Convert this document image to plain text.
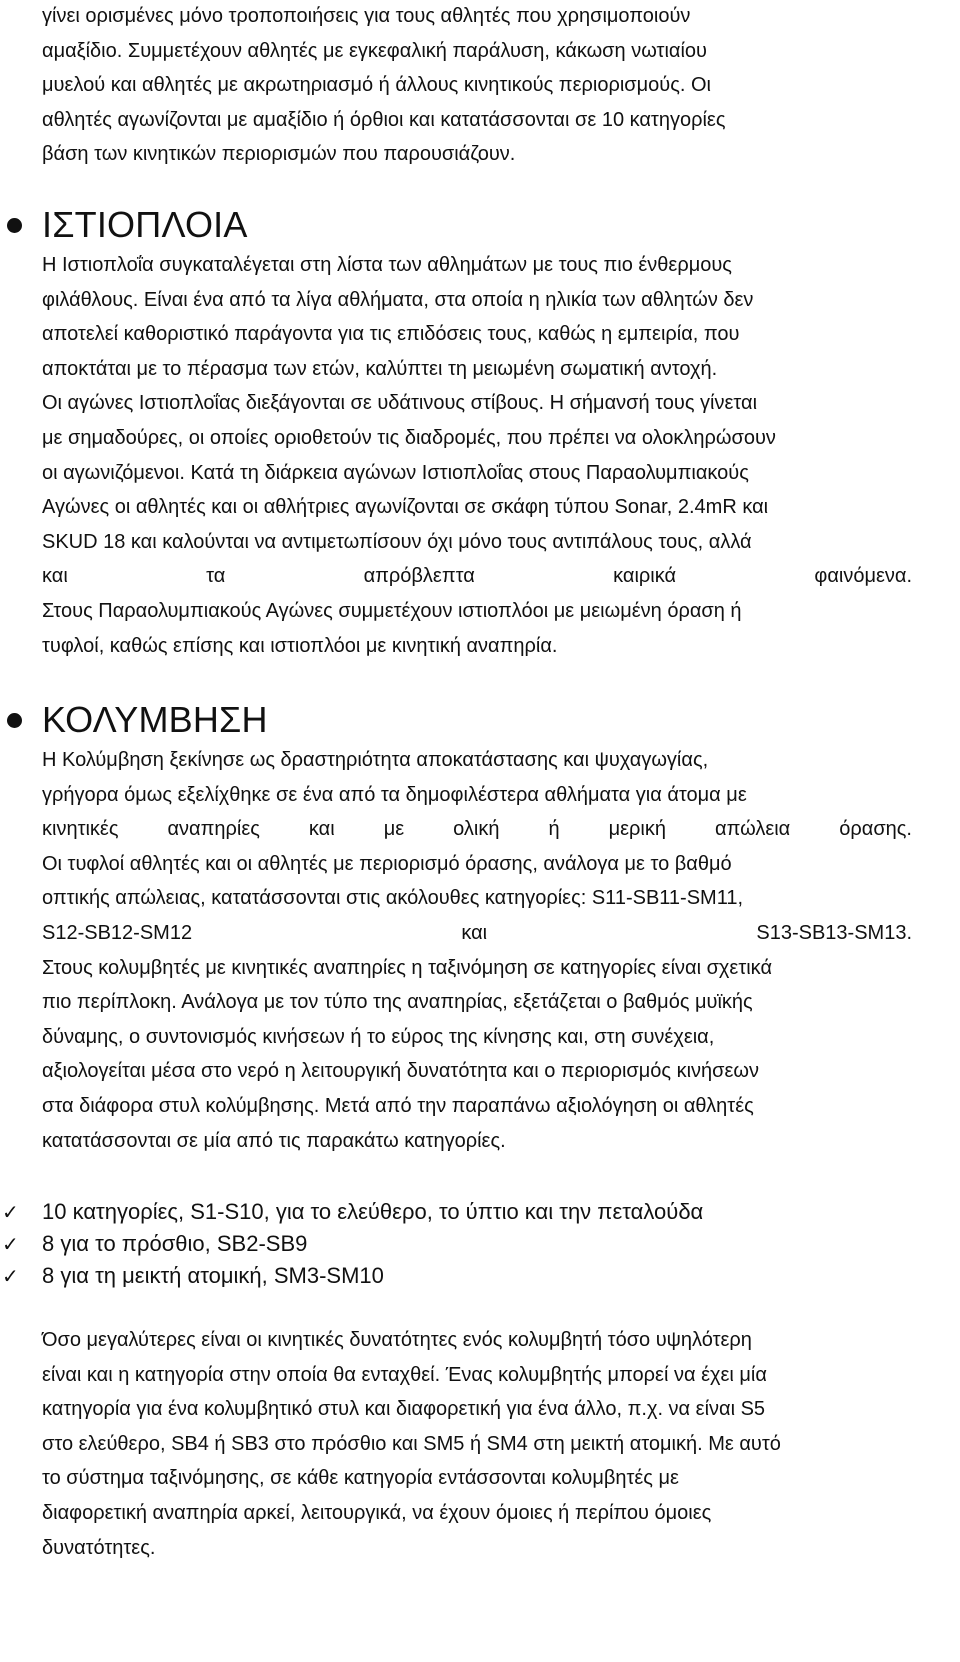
γίνει ορισμένες μόνο τροποποιήσεις για τους αθλητές που χρησιμοποιούν

αμαξίδιο. Συμμετέχουν αθλητές με εγκεφαλική παράλυση, κάκωση νωτιαίου

μυελού και αθλητές με ακρωτηριασμό ή άλλους κινητικούς περιορισμούς. Οι

αθλητές αγωνίζονται με αμαξίδιο ή όρθιοι και κατατάσσονται σε 10 κατηγορίες

βάση των κινητικών περιορισμών που παρουσιάζουν.

ΙΣΤΙΟΠΛΟΙΑ

Η Ιστιοπλοΐα συγκαταλέγεται στη λίστα των αθλημάτων με τους πιο ένθερμους

φιλάθλους. Είναι ένα από τα λίγα αθλήματα, στα οποία η ηλικία των αθλητών δεν

αποτελεί καθοριστικό παράγοντα για τις επιδόσεις τους, καθώς η εμπειρία, που

αποκτάται με το πέρασμα των ετών, καλύπτει τη μειωμένη σωματική αντοχή.

Οι αγώνες Ιστιοπλοΐας διεξάγονται σε υδάτινους στίβους. Η σήμανσή τους γίνεται

με σημαδούρες, οι οποίες οριοθετούν τις διαδρομές, που πρέπει να ολοκληρώσουν

οι αγωνιζόμενοι. Κατά τη διάρκεια αγώνων Ιστιοπλοΐας στους Παραολυμπιακούς

Αγώνες οι αθλητές και οι αθλήτριες αγωνίζονται σε σκάφη τύπου Sonar, 2.4mR και

SKUD 18 και καλούνται να αντιμετωπίσουν όχι μόνο τους αντιπάλους τους, αλλά

και τα απρόβλεπτα καιρικά φαινόμενα.

Στους Παραολυμπιακούς Αγώνες συμμετέχουν ιστιοπλόοι με μειωμένη όραση ή

τυφλοί, καθώς επίσης και ιστιοπλόοι με κινητική αναπηρία.

ΚΟΛΥΜΒΗΣΗ

Η Κολύμβηση ξεκίνησε ως δραστηριότητα αποκατάστασης και ψυχαγωγίας,

γρήγορα όμως εξελίχθηκε σε ένα από τα δημοφιλέστερα αθλήματα για άτομα με

κινητικές αναπηρίες και με ολική ή μερική απώλεια όρασης.

Οι τυφλοί αθλητές και οι αθλητές με περιορισμό όρασης, ανάλογα με το βαθμό

οπτικής απώλειας, κατατάσσονται στις ακόλουθες κατηγορίες: S11-SB11-SM11,

S12-SB12-SM12 και S13-SB13-SM13.

Στους κολυμβητές με κινητικές αναπηρίες η ταξινόμηση σε κατηγορίες είναι σχετικά

πιο περίπλοκη. Ανάλογα με τον τύπο της αναπηρίας, εξετάζεται ο βαθμός μυϊκής

δύναμης, ο συντονισμός κινήσεων ή το εύρος της κίνησης και, στη συνέχεια,

αξιολογείται μέσα στο νερό η λειτουργική δυνατότητα και ο περιορισμός κινήσεων

στα διάφορα στυλ κολύμβησης. Μετά από την παραπάνω αξιολόγηση οι αθλητές

κατατάσσονται σε μία από τις παρακάτω κατηγορίες.

✓ 10 κατηγορίες, S1-S10, για το ελεύθερο, το ύπτιο και την πεταλούδα
✓ 8 για το πρόσθιο, SB2-SB9
✓ 8 για τη μεικτή ατομική, SM3-SM10

Όσο μεγαλύτερες είναι οι κινητικές δυνατότητες ενός κολυμβητή τόσο υψηλότερη

είναι και η κατηγορία στην οποία θα ενταχθεί. Ένας κολυμβητής μπορεί να έχει μία

κατηγορία για ένα κολυμβητικό στυλ και διαφορετική για ένα άλλο, π.χ. να είναι S5

στο ελεύθερο, SB4 ή SB3 στο πρόσθιο και SM5 ή SM4 στη μεικτή ατομική. Με αυτό

το σύστημα ταξινόμησης, σε κάθε κατηγορία εντάσσονται κολυμβητές με

διαφορετική αναπηρία αρκεί, λειτουργικά, να έχουν όμοιες ή περίπου όμοιες

δυνατότητες.
